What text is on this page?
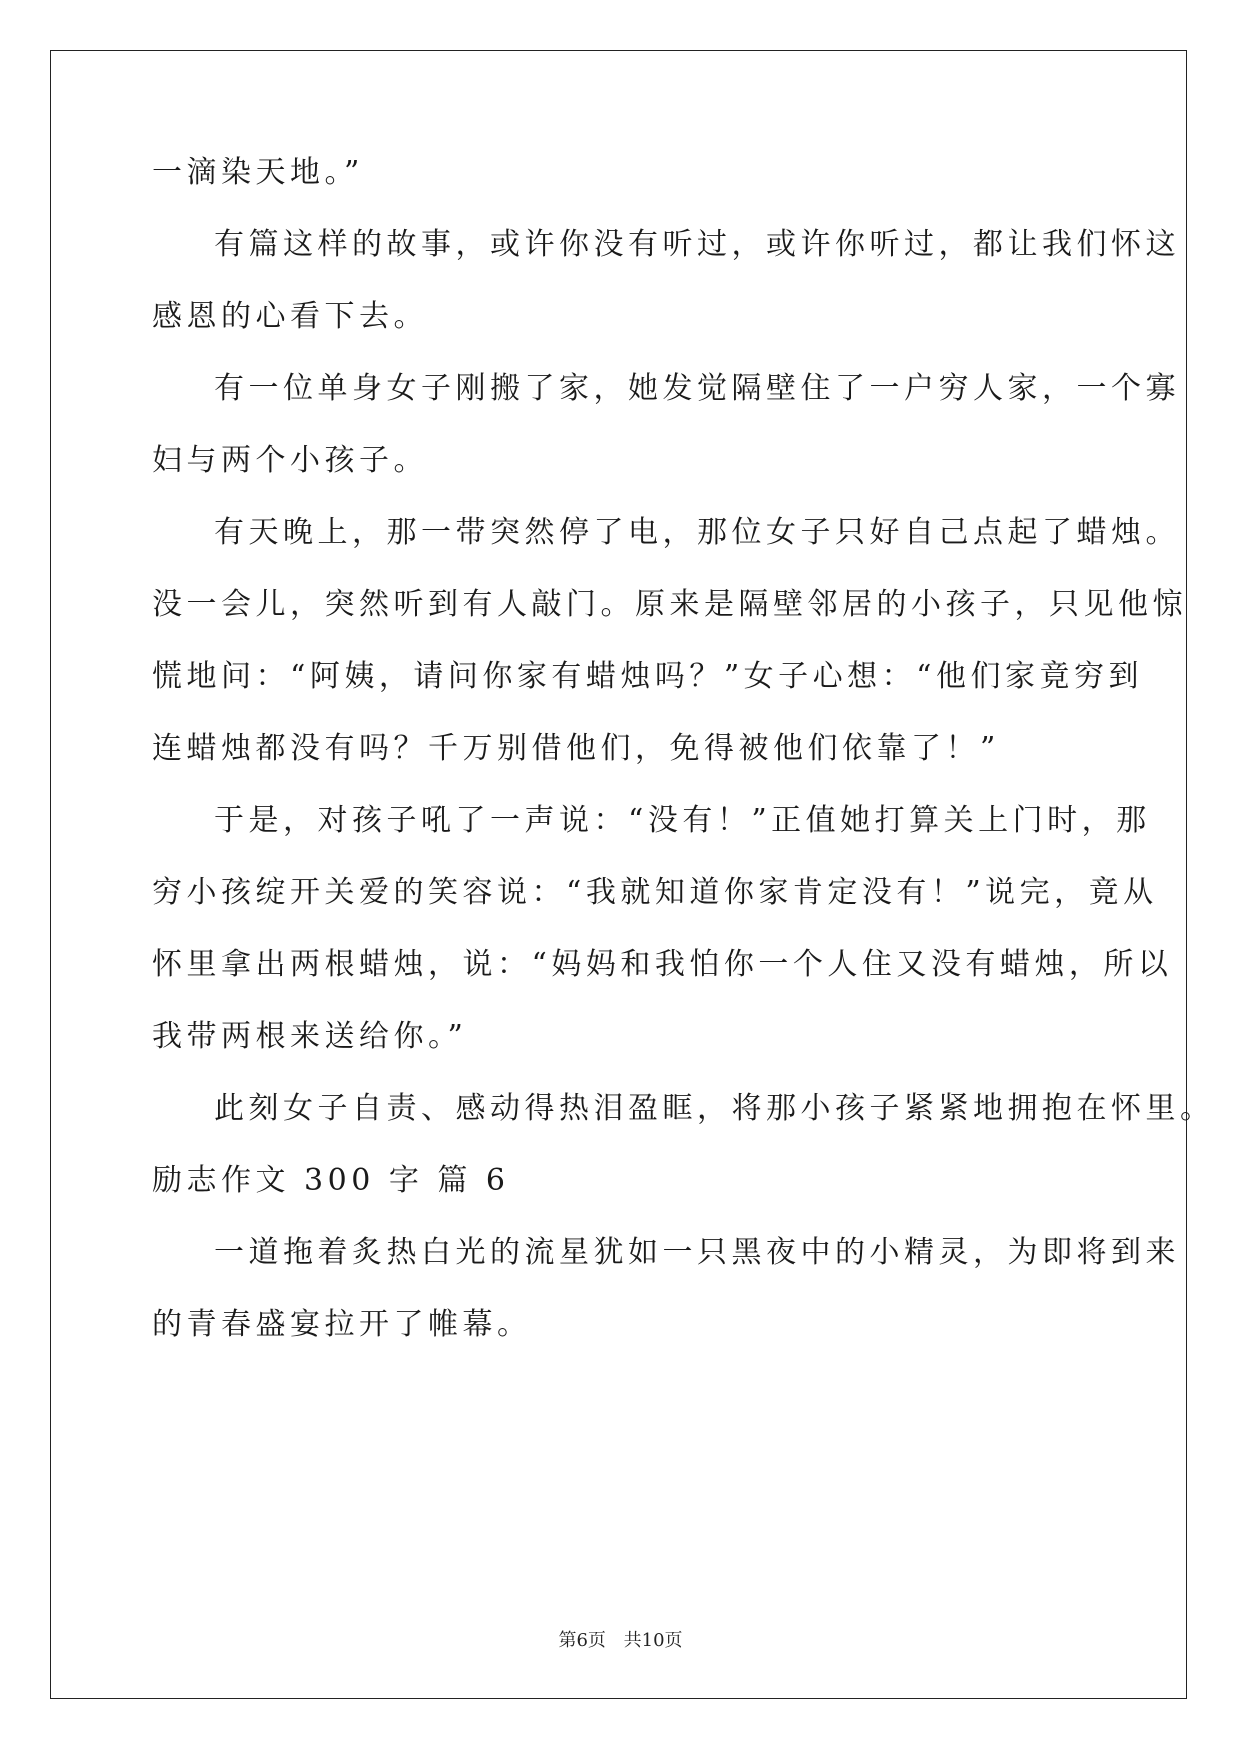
一滴染天地。”
有篇这样的故事，或许你没有听过，或许你听过，都让我们怀这
感恩的心看下去。
有一位单身女子刚搬了家，她发觉隔壁住了一户穷人家，一个寡
妇与两个小孩子。
有天晚上，那一带突然停了电，那位女子只好自己点起了蜡烛。
没一会儿，突然听到有人敲门。原来是隔壁邻居的小孩子，只见他惊
慌地问：“阿姨，请问你家有蜡烛吗？”女子心想：“他们家竟穷到
连蜡烛都没有吗？千万别借他们，免得被他们依靠了！”
于是，对孩子吼了一声说：“没有！”正值她打算关上门时，那
穷小孩绽开关爱的笑容说：“我就知道你家肯定没有！”说完，竟从
怀里拿出两根蜡烛，说：“妈妈和我怕你一个人住又没有蜡烛，所以
我带两根来送给你。”
此刻女子自责、感动得热泪盈眶，将那小孩子紧紧地拥抱在怀里。
励志作文 300 字 篇 6
一道拖着炙热白光的流星犹如一只黑夜中的小精灵，为即将到来
的青春盛宴拉开了帷幕。
第6页 共10页
